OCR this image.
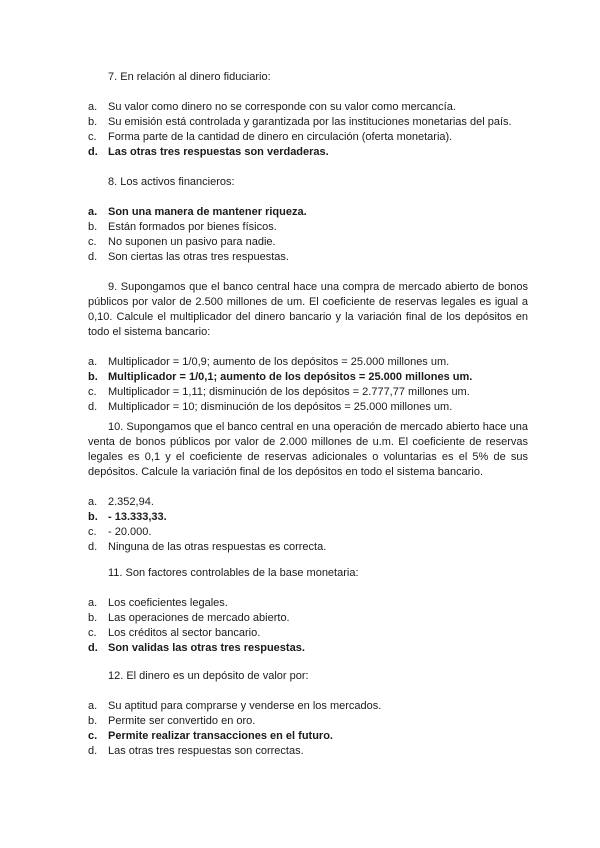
7. En relación al dinero fiduciario:

a. Su valor como dinero no se corresponde con su valor como mercancía.
b. Su emisión está controlada y garantizada por las instituciones monetarias del país.
c.	Forma parte de la cantidad de dinero en circulación (oferta monetaria).
d. Las otras tres respuestas son verdaderas.

8. Los activos financieros:

a. Son una manera de mantener riqueza.
b. Están formados por bienes físicos.
c.	No suponen un pasivo para nadie.
d. Son ciertas las otras tres respuestas.

9. Supongamos que el banco central hace una compra de mercado abierto de bonos públicos por valor de 2.500 millones de um. El coeficiente de reservas legales es igual a 0,10. Calcule el multiplicador del dinero bancario y la variación final de los depósitos en todo el sistema bancario:

a. Multiplicador = 1/0,9; aumento de los depósitos = 25.000 millones um.
b. Multiplicador = 1/0,1; aumento de los depósitos = 25.000 millones um.
c.	Multiplicador = 1,11; disminución de los depósitos = 2.777,77 millones um.
d. Multiplicador = 10; disminución de los depósitos = 25.000 millones um.

10. Supongamos que el banco central en una operación de mercado abierto hace una venta de bonos públicos por valor de 2.000 millones de u.m. El coeficiente de reservas legales es 0,1 y el coeficiente de reservas adicionales o voluntarias es el 5% de sus depósitos. Calcule la variación final de los depósitos en todo el sistema bancario.

a. 2.352,94.
b. - 13.333,33.
c.	- 20.000.
d. Ninguna de las otras respuestas es correcta.

11. Son factores controlables de la base monetaria:

a. Los coeficientes legales.
b. Las operaciones de mercado abierto.
c.	Los créditos al sector bancario.
d. Son validas las otras tres respuestas.

12. El dinero es un depósito de valor por:

a. Su aptitud para comprarse y venderse en los mercados.
b. Permite ser convertido en oro.
c. Permite realizar transacciones en el futuro.
d. Las otras tres respuestas son correctas.
